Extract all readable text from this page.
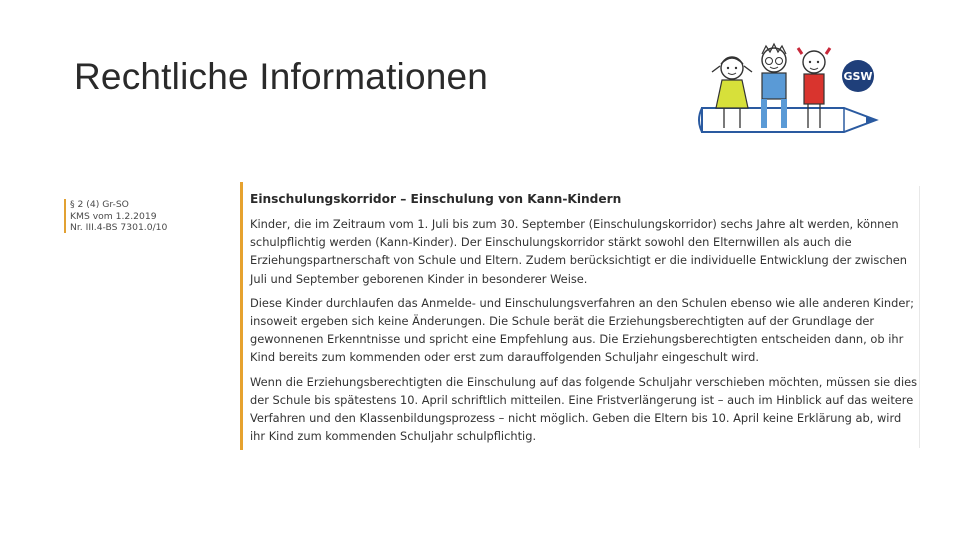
Rechtliche Informationen	GSW
§ 2 (4) Gr-SO
KMS vom 1.2.2019
Nr. III.4-BS 7301.0/10
Einschulungskorridor – Einschulung von Kann-Kindern

Kinder, die im Zeitraum vom 1. Juli bis zum 30. September (Einschulungskorridor) sechs Jahre alt werden, können schulpflichtig werden (Kann-Kinder). Der Einschulungskorridor stärkt sowohl den Elternwillen als auch die Erziehungspartnerschaft von Schule und Eltern. Zudem berücksichtigt er die individuelle Entwicklung der zwischen Juli und September geborenen Kinder in besonderer Weise.

Diese Kinder durchlaufen das Anmelde- und Einschulungsverfahren an den Schulen ebenso wie alle anderen Kinder; insoweit ergeben sich keine Änderungen. Die Schule berät die Erziehungsberechtigten auf der Grundlage der gewonnenen Erkenntnisse und spricht eine Empfehlung aus. Die Erziehungsberechtigten entscheiden dann, ob ihr Kind bereits zum kommenden oder erst zum darauffolgenden Schuljahr eingeschult wird.

Wenn die Erziehungsberechtigten die Einschulung auf das folgende Schuljahr verschieben möchten, müssen sie dies der Schule bis spätestens 10. April schriftlich mitteilen. Eine Fristverlängerung ist – auch im Hinblick auf das weitere Verfahren und den Klassenbildungsprozess – nicht möglich. Geben die Eltern bis 10. April keine Erklärung ab, wird ihr Kind zum kommenden Schuljahr schulpflichtig.
